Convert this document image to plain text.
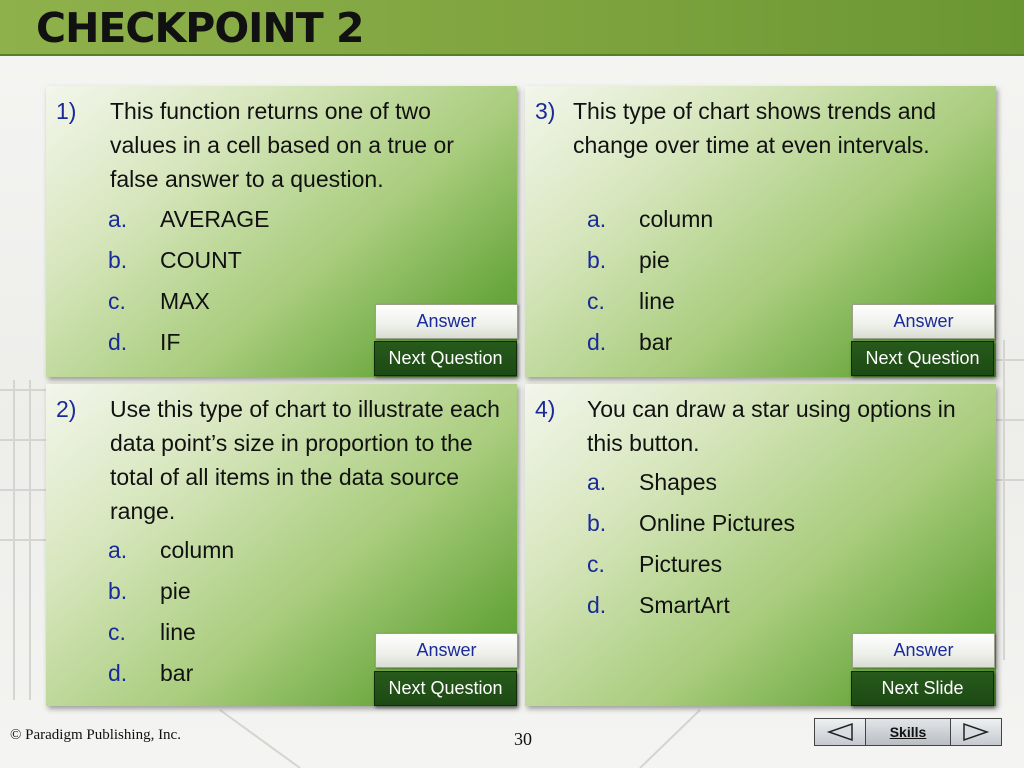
CHECKPOINT 2
1) This function returns one of two values in a cell based on a true or false answer to a question.
a. AVERAGE
b. COUNT
c. MAX
d. IF
Answer
Next Question
3) This type of chart shows trends and change over time at even intervals.
a. column
b. pie
c. line
d. bar
Answer
Next Question
2) Use this type of chart to illustrate each data point’s size in proportion to the total of all items in the data source range.
a. column
b. pie
c. line
d. bar
Answer
Next Question
4) You can draw a star using options in this button.
a. Shapes
b. Online Pictures
c. Pictures
d. SmartArt
Answer
Next Slide
© Paradigm Publishing, Inc.	30	Skills
